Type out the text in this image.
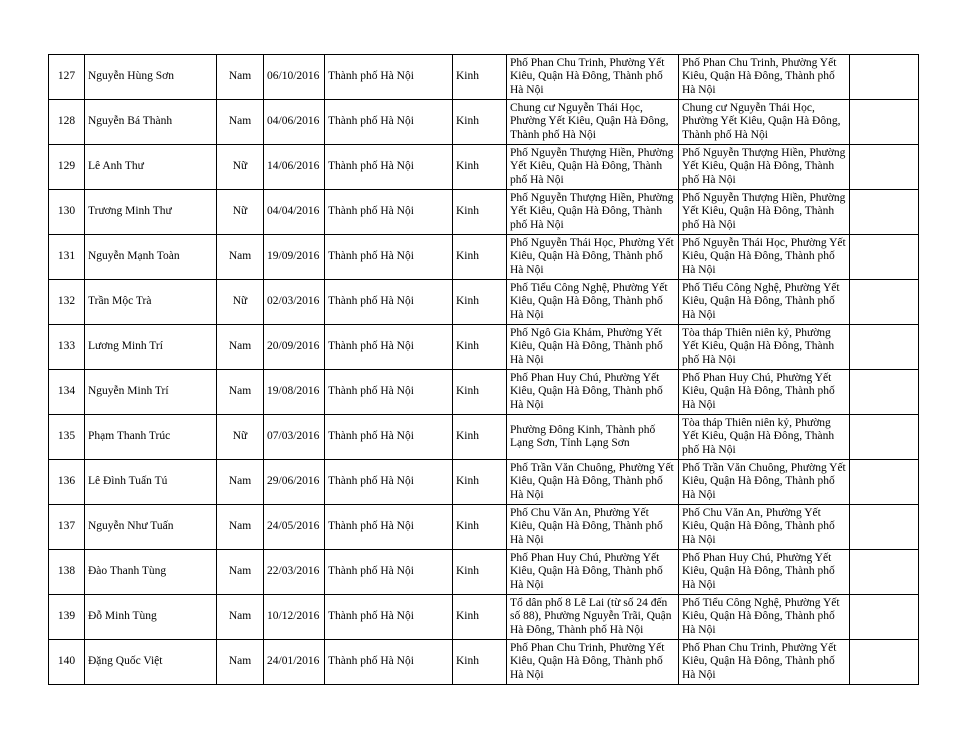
127	Nguyễn Hùng Sơn	Nam	06/10/2016	Thành phố Hà Nội	Kinh	Phố Phan Chu Trinh, Phường Yết Kiêu, Quận Hà Đông, Thành phố Hà Nội	Phố Phan Chu Trinh, Phường Yết Kiêu, Quận Hà Đông, Thành phố Hà Nội	
128	Nguyễn Bá Thành	Nam	04/06/2016	Thành phố Hà Nội	Kinh	Chung cư Nguyễn Thái Học, Phường Yết Kiêu, Quận Hà Đông, Thành phố Hà Nội	Chung cư Nguyễn Thái Học, Phường Yết Kiêu, Quận Hà Đông, Thành phố Hà Nội	
129	Lê Anh Thư	Nữ	14/06/2016	Thành phố Hà Nội	Kinh	Phố Nguyễn Thượng Hiền, Phường Yết Kiêu, Quận Hà Đông, Thành phố Hà Nội	Phố Nguyễn Thượng Hiền, Phường Yết Kiêu, Quận Hà Đông, Thành phố Hà Nội	
130	Trương Minh Thư	Nữ	04/04/2016	Thành phố Hà Nội	Kinh	Phố Nguyễn Thượng Hiền, Phường Yết Kiêu, Quận Hà Đông, Thành phố Hà Nội	Phố Nguyễn Thượng Hiền, Phường Yết Kiêu, Quận Hà Đông, Thành phố Hà Nội	
131	Nguyễn Mạnh Toàn	Nam	19/09/2016	Thành phố Hà Nội	Kinh	Phố Nguyễn Thái Học, Phường Yết Kiêu, Quận Hà Đông, Thành phố Hà Nội	Phố Nguyễn Thái Học, Phường Yết Kiêu, Quận Hà Đông, Thành phố Hà Nội	
132	Trần Mộc Trà	Nữ	02/03/2016	Thành phố Hà Nội	Kinh	Phố Tiểu Công Nghệ, Phường Yết Kiêu, Quận Hà Đông, Thành phố Hà Nội	Phố Tiểu Công Nghệ, Phường Yết Kiêu, Quận Hà Đông, Thành phố Hà Nội	
133	Lương Minh Trí	Nam	20/09/2016	Thành phố Hà Nội	Kinh	Phố Ngô Gia Khảm, Phường Yết Kiêu, Quận Hà Đông, Thành phố Hà Nội	Tòa tháp Thiên niên kỷ, Phường Yết Kiêu, Quận Hà Đông, Thành phố Hà Nội	
134	Nguyễn Minh Trí	Nam	19/08/2016	Thành phố Hà Nội	Kinh	Phố Phan Huy Chú, Phường Yết Kiêu, Quận Hà Đông, Thành phố Hà Nội	Phố Phan Huy Chú, Phường Yết Kiêu, Quận Hà Đông, Thành phố Hà Nội	
135	Phạm Thanh Trúc	Nữ	07/03/2016	Thành phố Hà Nội	Kinh	Phường Đông Kinh, Thành phố Lạng Sơn, Tỉnh Lạng Sơn	Tòa tháp Thiên niên kỷ, Phường Yết Kiêu, Quận Hà Đông, Thành phố Hà Nội	
136	Lê Đình Tuấn Tú	Nam	29/06/2016	Thành phố Hà Nội	Kinh	Phố Trần Văn Chuông, Phường Yết Kiêu, Quận Hà Đông, Thành phố Hà Nội	Phố Trần Văn Chuông, Phường Yết Kiêu, Quận Hà Đông, Thành phố Hà Nội	
137	Nguyễn Như Tuấn	Nam	24/05/2016	Thành phố Hà Nội	Kinh	Phố Chu Văn An, Phường Yết Kiêu, Quận Hà Đông, Thành phố Hà Nội	Phố Chu Văn An, Phường Yết Kiêu, Quận Hà Đông, Thành phố Hà Nội	
138	Đào Thanh Tùng	Nam	22/03/2016	Thành phố Hà Nội	Kinh	Phố Phan Huy Chú, Phường Yết Kiêu, Quận Hà Đông, Thành phố Hà Nội	Phố Phan Huy Chú, Phường Yết Kiêu, Quận Hà Đông, Thành phố Hà Nội	
139	Đỗ Minh Tùng	Nam	10/12/2016	Thành phố Hà Nội	Kinh	Tổ dân phố 8 Lê Lai (từ số 24 đến số 88), Phường Nguyễn Trãi, Quận Hà Đông, Thành phố Hà Nội	Phố Tiểu Công Nghệ, Phường Yết Kiêu, Quận Hà Đông, Thành phố Hà Nội	
140	Đặng Quốc Việt	Nam	24/01/2016	Thành phố Hà Nội	Kinh	Phố Phan Chu Trinh, Phường Yết Kiêu, Quận Hà Đông, Thành phố Hà Nội	Phố Phan Chu Trinh, Phường Yết Kiêu, Quận Hà Đông, Thành phố Hà Nội	
